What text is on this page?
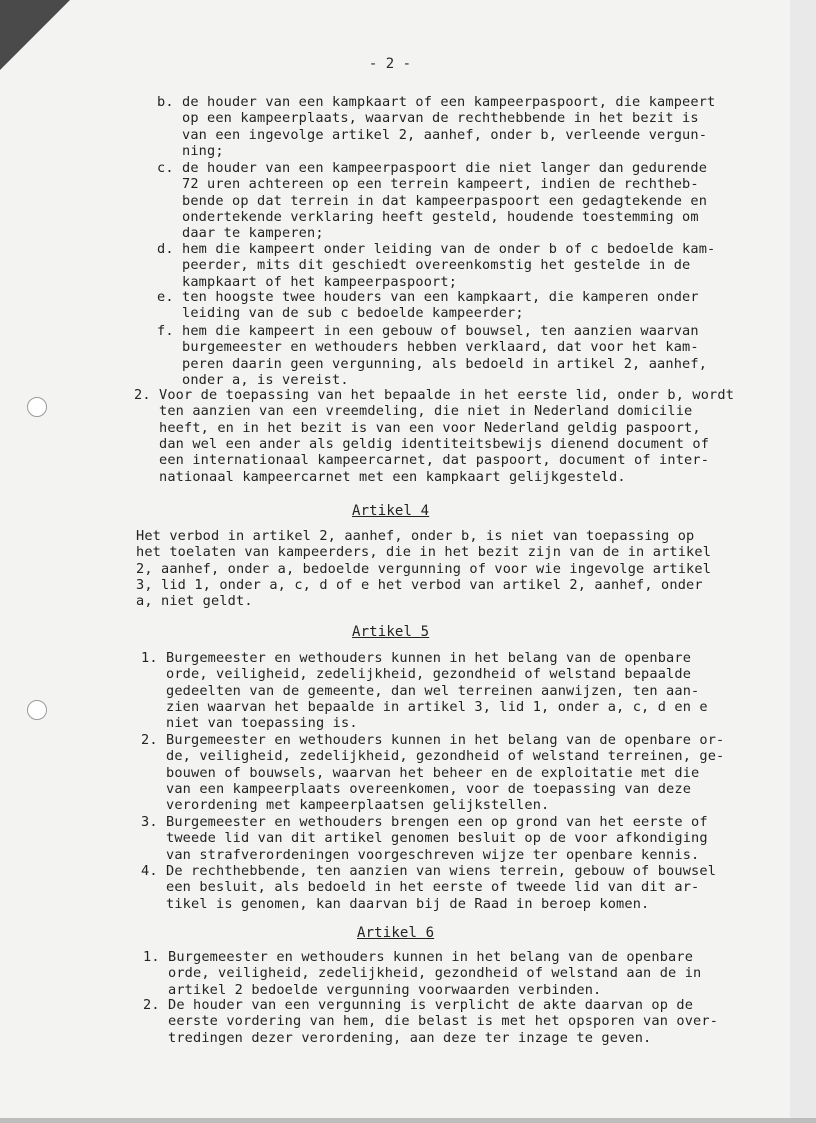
- 2 -
b. de houder van een kampkaart of een kampeerpaspoort, die kampeert
op een kampeerplaats, waarvan de rechthebbende in het bezit is
van een ingevolge artikel 2, aanhef, onder b, verleende vergun-
ning;
c. de houder van een kampeerpaspoort die niet langer dan gedurende
72 uren achtereen op een terrein kampeert, indien de rechtheb-
bende op dat terrein in dat kampeerpaspoort een gedagtekende en
ondertekende verklaring heeft gesteld, houdende toestemming om
daar te kamperen;
d. hem die kampeert onder leiding van de onder b of c bedoelde kam-
peerder, mits dit geschiedt overeenkomstig het gestelde in de
kampkaart of het kampeerpaspoort;
e. ten hoogste twee houders van een kampkaart, die kamperen onder
leiding van de sub c bedoelde kampeerder;
f. hem die kampeert in een gebouw of bouwsel, ten aanzien waarvan
burgemeester en wethouders hebben verklaard, dat voor het kam-
peren daarin geen vergunning, als bedoeld in artikel 2, aanhef,
onder a, is vereist.
2. Voor de toepassing van het bepaalde in het eerste lid, onder b, wordt
ten aanzien van een vreemdeling, die niet in Nederland domicilie
heeft, en in het bezit is van een voor Nederland geldig paspoort,
dan wel een ander als geldig identiteitsbewijs dienend document of
een internationaal kampeercarnet, dat paspoort, document of inter-
nationaal kampeercarnet met een kampkaart gelijkgesteld.
Artikel 4
Het verbod in artikel 2, aanhef, onder b, is niet van toepassing op
het toelaten van kampeerders, die in het bezit zijn van de in artikel
2, aanhef, onder a, bedoelde vergunning of voor wie ingevolge artikel
3, lid 1, onder a, c, d of e het verbod van artikel 2, aanhef, onder
a, niet geldt.
Artikel 5
1. Burgemeester en wethouders kunnen in het belang van de openbare
orde, veiligheid, zedelijkheid, gezondheid of welstand bepaalde
gedeelten van de gemeente, dan wel terreinen aanwijzen, ten aan-
zien waarvan het bepaalde in artikel 3, lid 1, onder a, c, d en e
niet van toepassing is.
2. Burgemeester en wethouders kunnen in het belang van de openbare or-
de, veiligheid, zedelijkheid, gezondheid of welstand terreinen, ge-
bouwen of bouwsels, waarvan het beheer en de exploitatie met die
van een kampeerplaats overeenkomen, voor de toepassing van deze
verordening met kampeerplaatsen gelijkstellen.
3. Burgemeester en wethouders brengen een op grond van het eerste of
tweede lid van dit artikel genomen besluit op de voor afkondiging
van strafverordeningen voorgeschreven wijze ter openbare kennis.
4. De rechthebbende, ten aanzien van wiens terrein, gebouw of bouwsel
een besluit, als bedoeld in het eerste of tweede lid van dit ar-
tikel is genomen, kan daarvan bij de Raad in beroep komen.
Artikel 6
1. Burgemeester en wethouders kunnen in het belang van de openbare
orde, veiligheid, zedelijkheid, gezondheid of welstand aan de in
artikel 2 bedoelde vergunning voorwaarden verbinden.
2. De houder van een vergunning is verplicht de akte daarvan op de
eerste vordering van hem, die belast is met het opsporen van over-
tredingen dezer verordening, aan deze ter inzage te geven.
